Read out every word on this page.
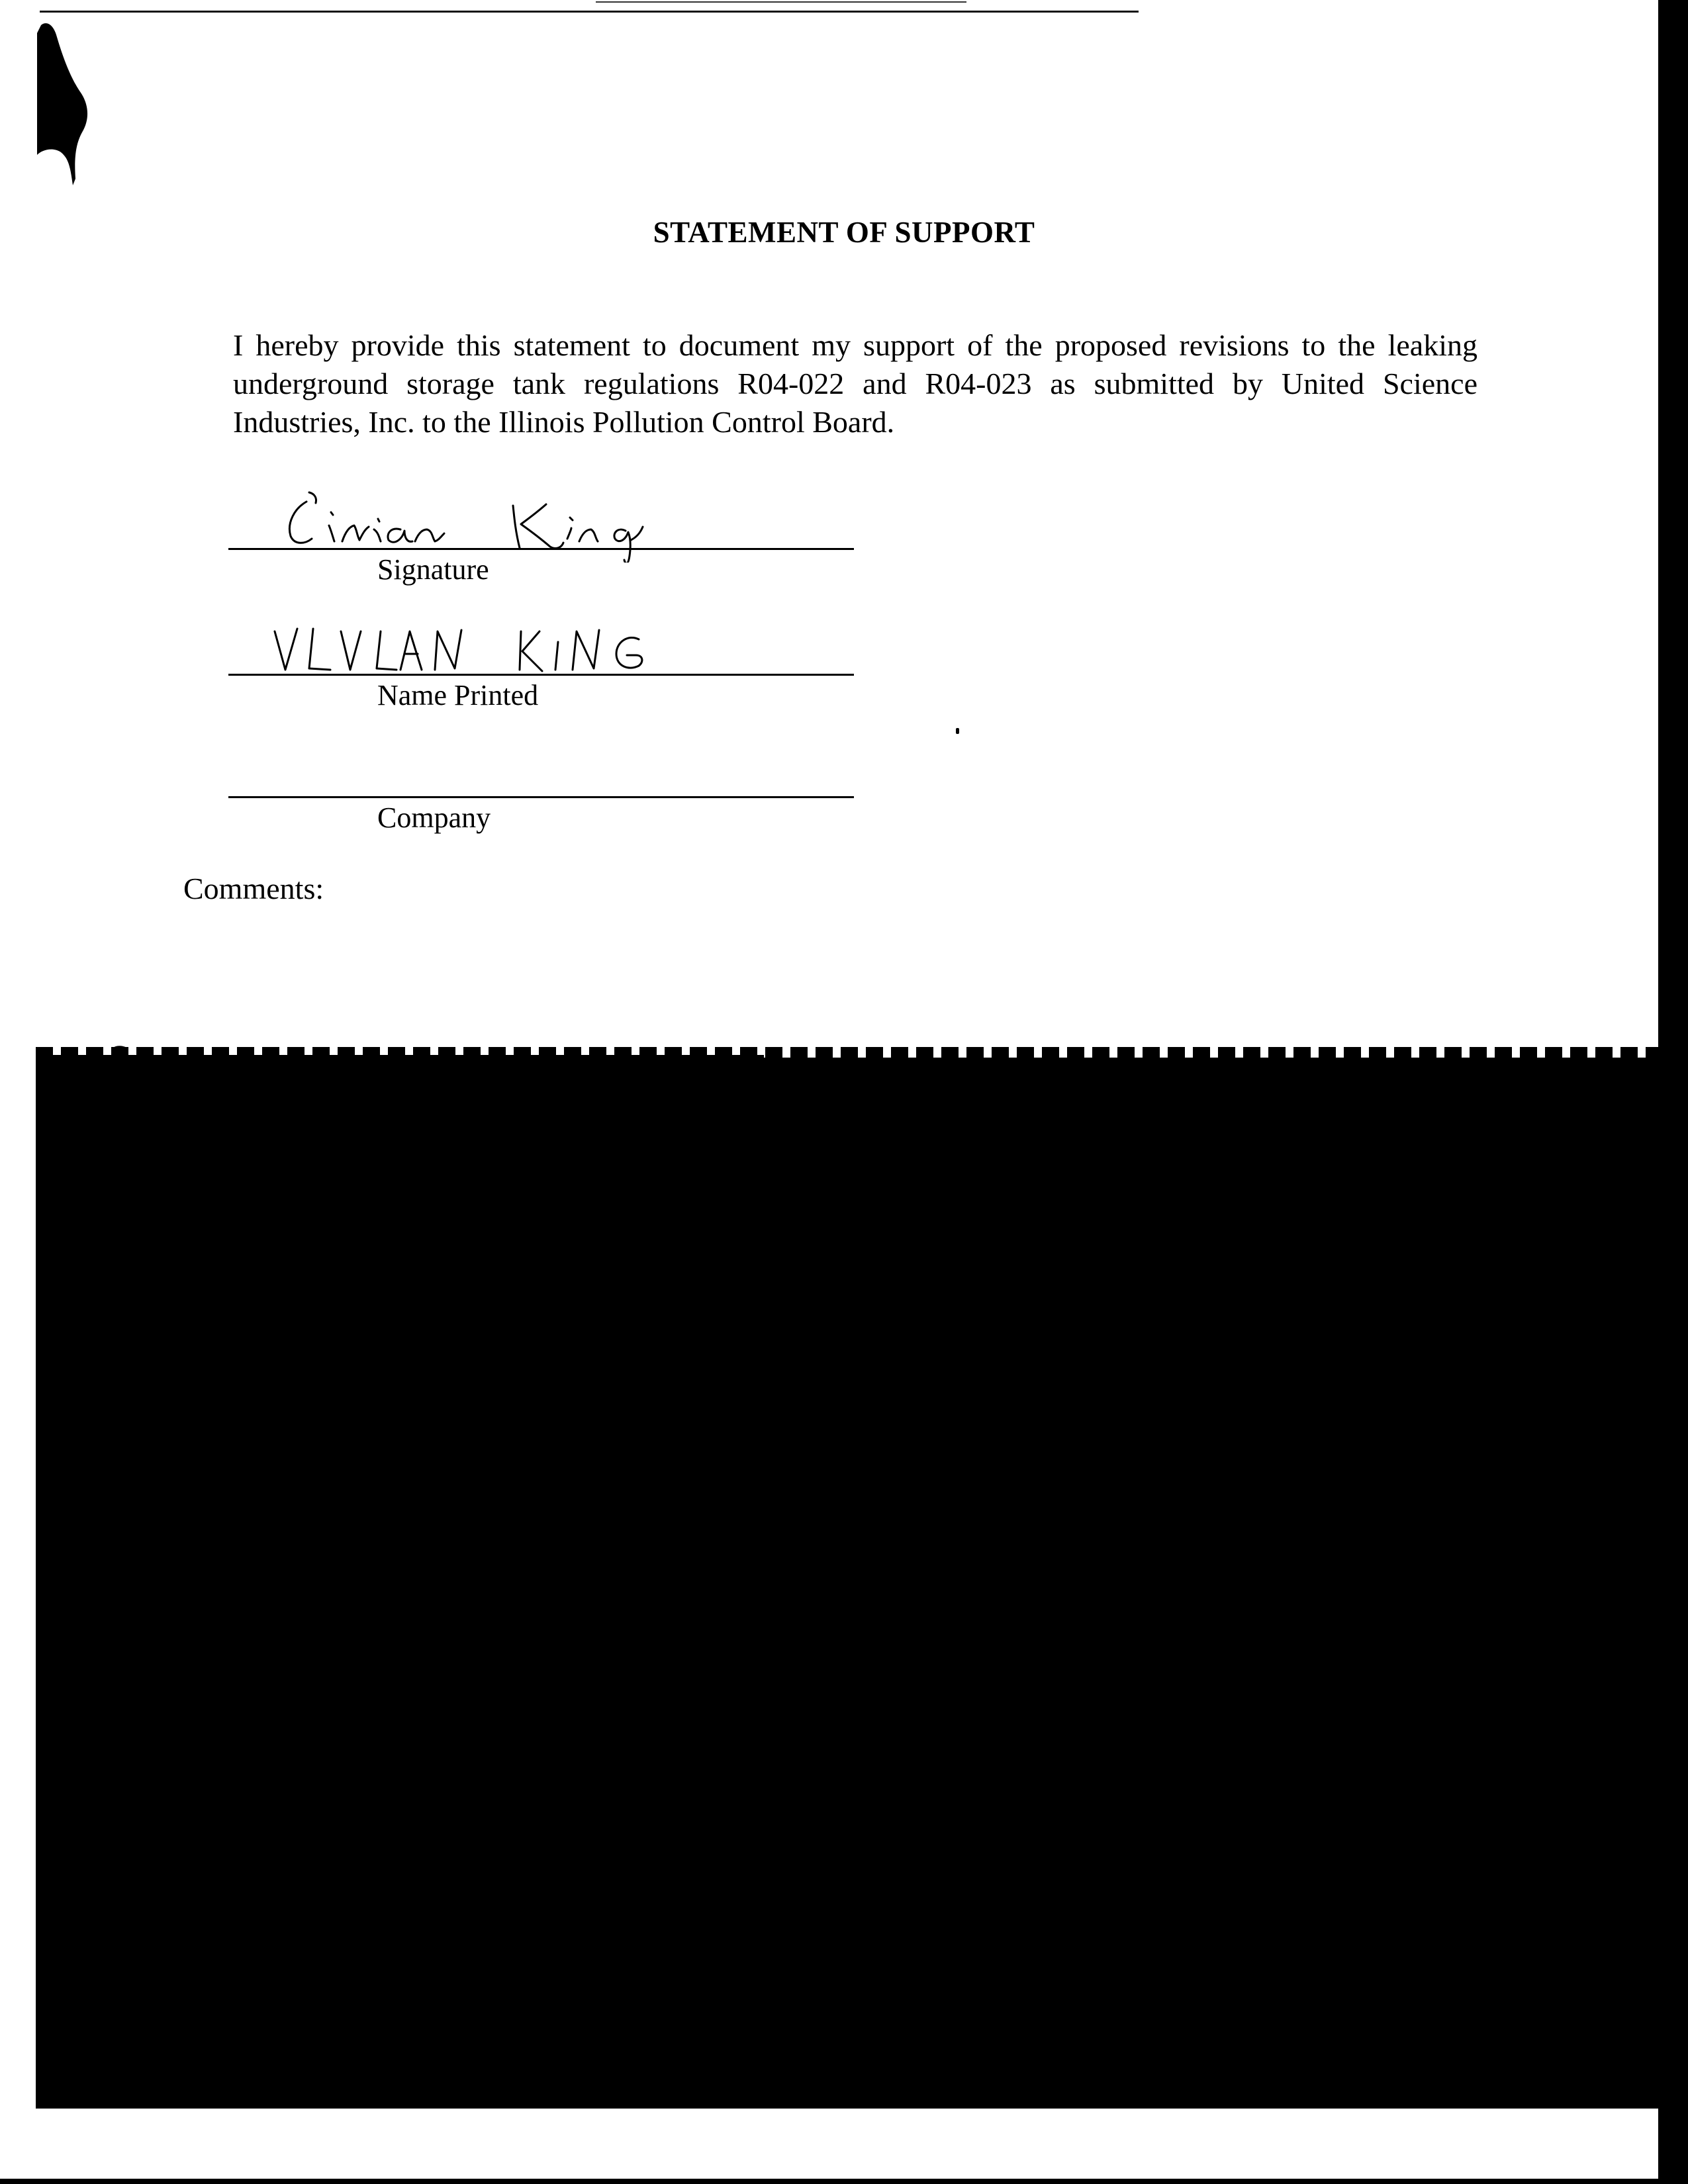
STATEMENT OF SUPPORT

I hereby provide this statement to document my support of the proposed revisions to the leaking underground storage tank regulations R04-022 and R04-023 as submitted by United Science Industries, Inc. to the Illinois Pollution Control Board.

Signature
Name Printed
Company
Comments:
